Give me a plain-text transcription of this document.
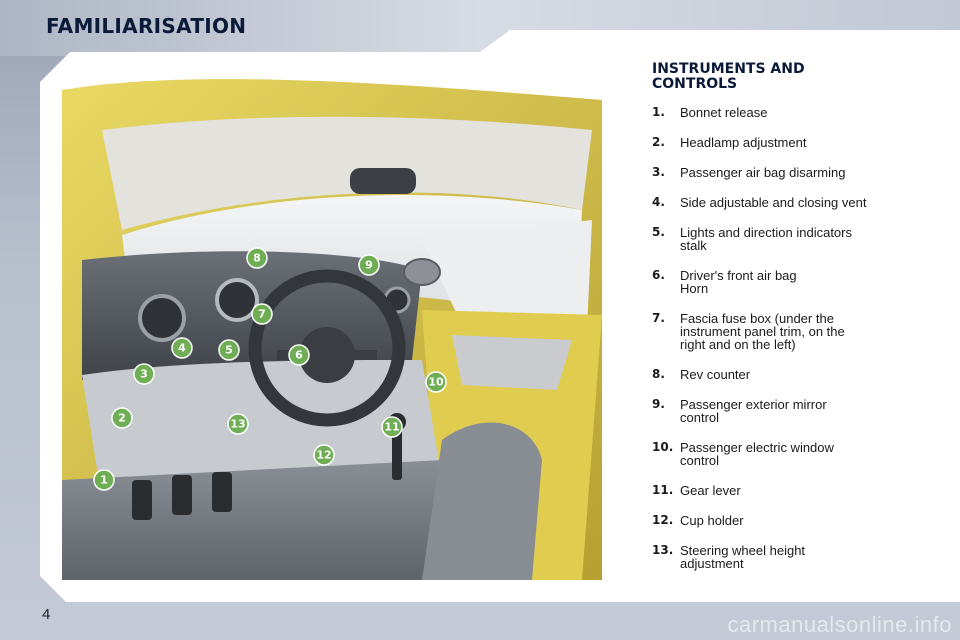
FAMILIARISATION
1
2
3
4	5	6
7
8
9
10
11
12
13
INSTRUMENTS AND
CONTROLS
1.	Bonnet release
2.	Headlamp adjustment
3.	Passenger air bag disarming
4.	Side adjustable and closing vent
5.	Lights and direction indicators
stalk
6.	Driver's front air bag
Horn
7.	Fascia fuse box (under the
instrument panel trim, on the
right and on the left)
8.	Rev counter
9.	Passenger exterior mirror
control
10. Passenger electric window
control
11. Gear lever
12. Cup holder
13. Steering wheel height
adjustment
4	carmanualsonline.info
